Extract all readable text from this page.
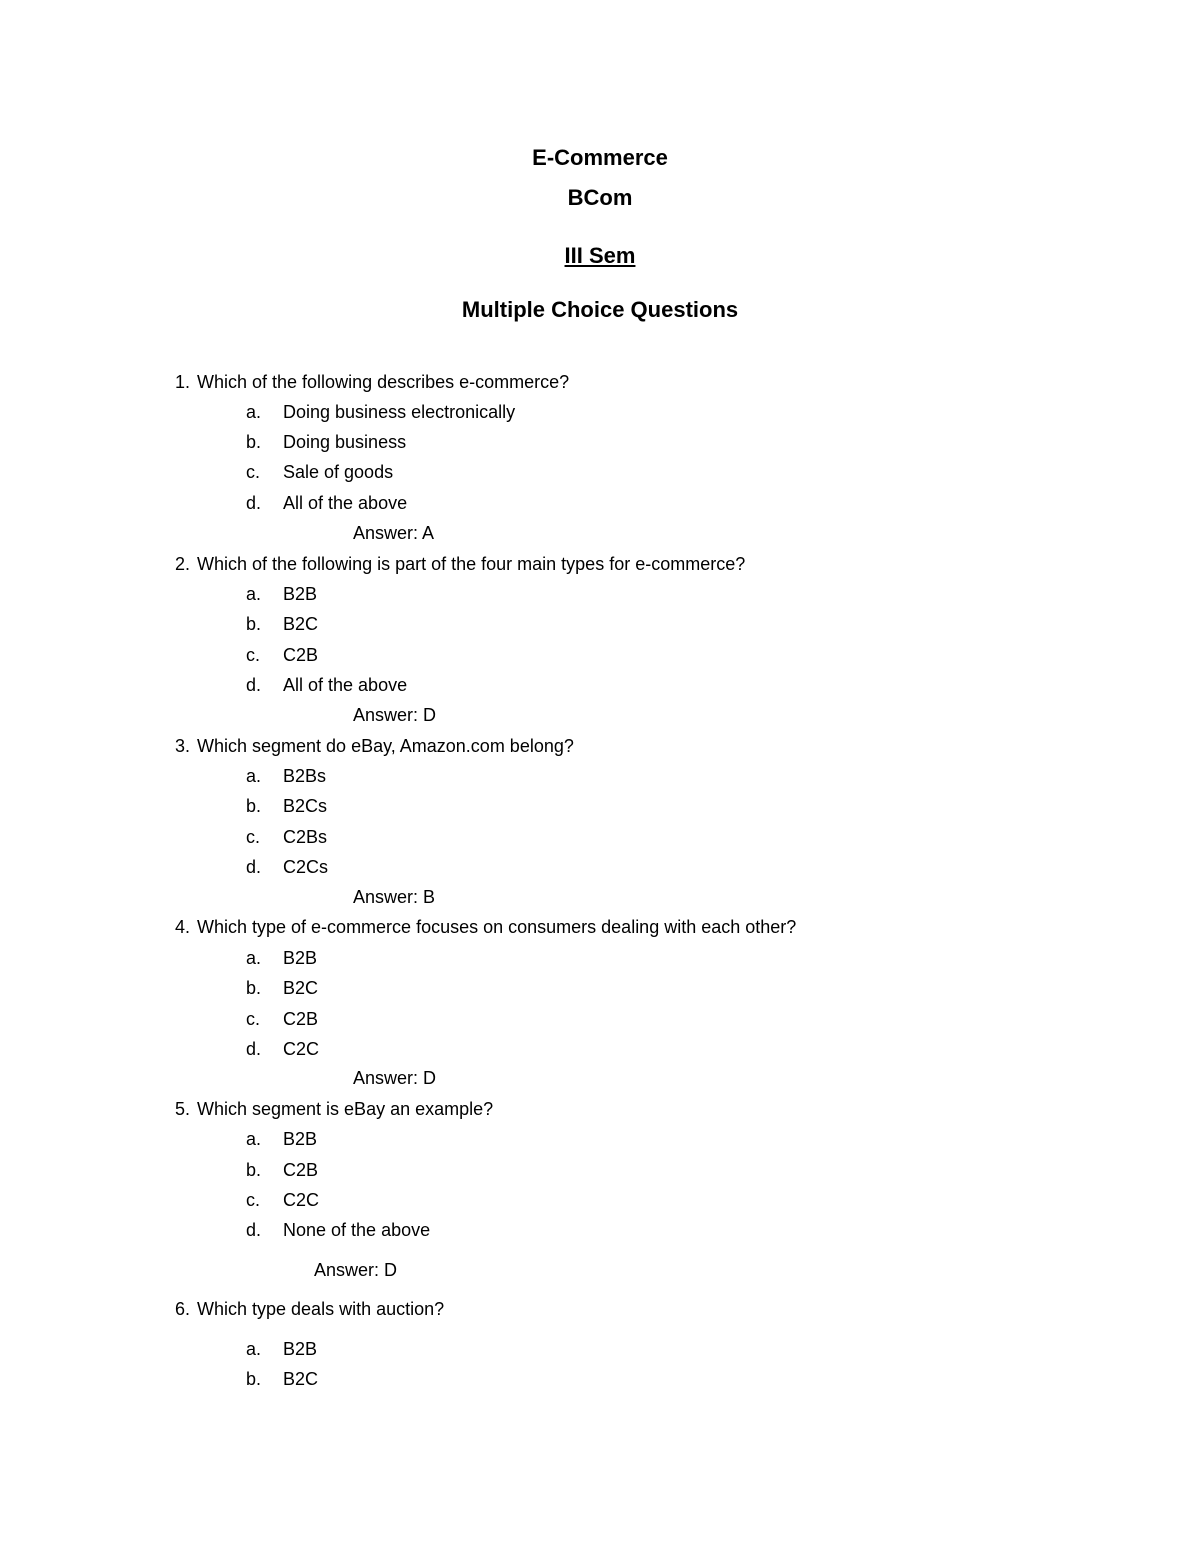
E-Commerce
BCom
III Sem
Multiple Choice Questions
1. Which of the following describes e-commerce?
a. Doing business electronically
b. Doing business
c. Sale of goods
d. All of the above
Answer: A
2. Which of the following is part of the four main types for e-commerce?
a. B2B
b. B2C
c. C2B
d. All of the above
Answer: D
3. Which segment do eBay, Amazon.com belong?
a. B2Bs
b. B2Cs
c. C2Bs
d. C2Cs
Answer: B
4. Which type of e-commerce focuses on consumers dealing with each other?
a. B2B
b. B2C
c. C2B
d. C2C
Answer: D
5. Which segment is eBay an example?
a. B2B
b. C2B
c. C2C
d. None of the above
Answer: D
6. Which type deals with auction?
a. B2B
b. B2C
